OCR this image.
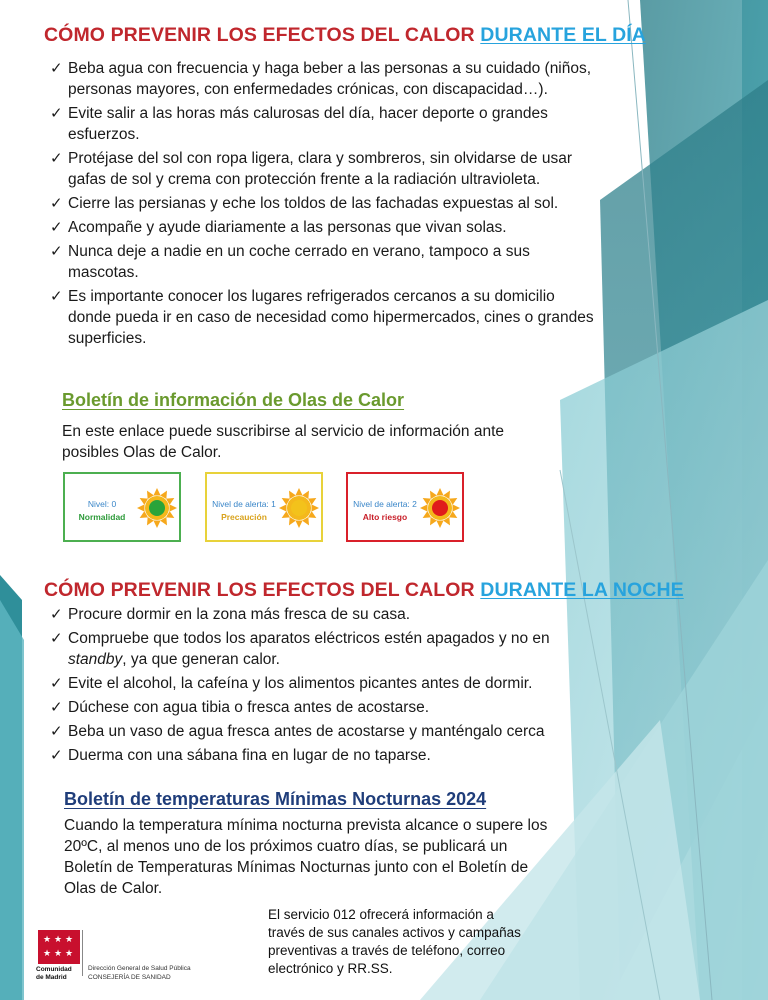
CÓMO PREVENIR LOS EFECTOS DEL CALOR DURANTE EL DÍA
✓ Beba agua con frecuencia y haga beber a las personas a su cuidado (niños, personas mayores, con enfermedades crónicas, con discapacidad…).
✓ Evite salir a las horas más calurosas del día, hacer deporte o grandes esfuerzos.
✓ Protéjase del sol con ropa ligera, clara y sombreros, sin olvidarse de usar gafas de sol y crema con protección frente a la radiación ultravioleta.
✓ Cierre las persianas y eche los toldos de las fachadas expuestas al sol.
✓ Acompañe y ayude diariamente a las personas que vivan solas.
✓ Nunca deje a nadie en un coche cerrado en verano, tampoco a sus mascotas.
✓ Es importante conocer los lugares refrigerados cercanos a su domicilio donde pueda ir en caso de necesidad como hipermercados, cines o grandes superficies.
Boletín de información de Olas de Calor
En este enlace puede suscribirse al servicio de información ante posibles Olas de Calor.
Nivel: 0
Normalidad
Nivel de alerta: 1
Precaución
Nivel de alerta: 2
Alto riesgo
CÓMO PREVENIR LOS EFECTOS DEL CALOR DURANTE LA NOCHE
✓ Procure dormir en la zona más fresca de su casa.
✓ Compruebe que todos los aparatos eléctricos estén apagados y no en standby, ya que generan calor.
✓ Evite el alcohol, la cafeína y los alimentos picantes antes de dormir.
✓ Dúchese con agua tibia o fresca antes de acostarse.
✓ Beba un vaso de agua fresca antes de acostarse y manténgalo cerca
✓ Duerma con una sábana fina en lugar de no taparse.
Boletín de temperaturas Mínimas Nocturnas 2024
Cuando la temperatura mínima nocturna prevista alcance o supere los 20ºC, al menos uno de los próximos cuatro días, se publicará un Boletín de Temperaturas Mínimas Nocturnas junto con el Boletín de Olas de Calor.
El servicio 012 ofrecerá información a través de sus canales activos y campañas preventivas a través de teléfono, correo electrónico y RR.SS.
★ ★ ★
★ ★ ★
Comunidad
de Madrid
Dirección General de Salud Pública
CONSEJERÍA DE SANIDAD
